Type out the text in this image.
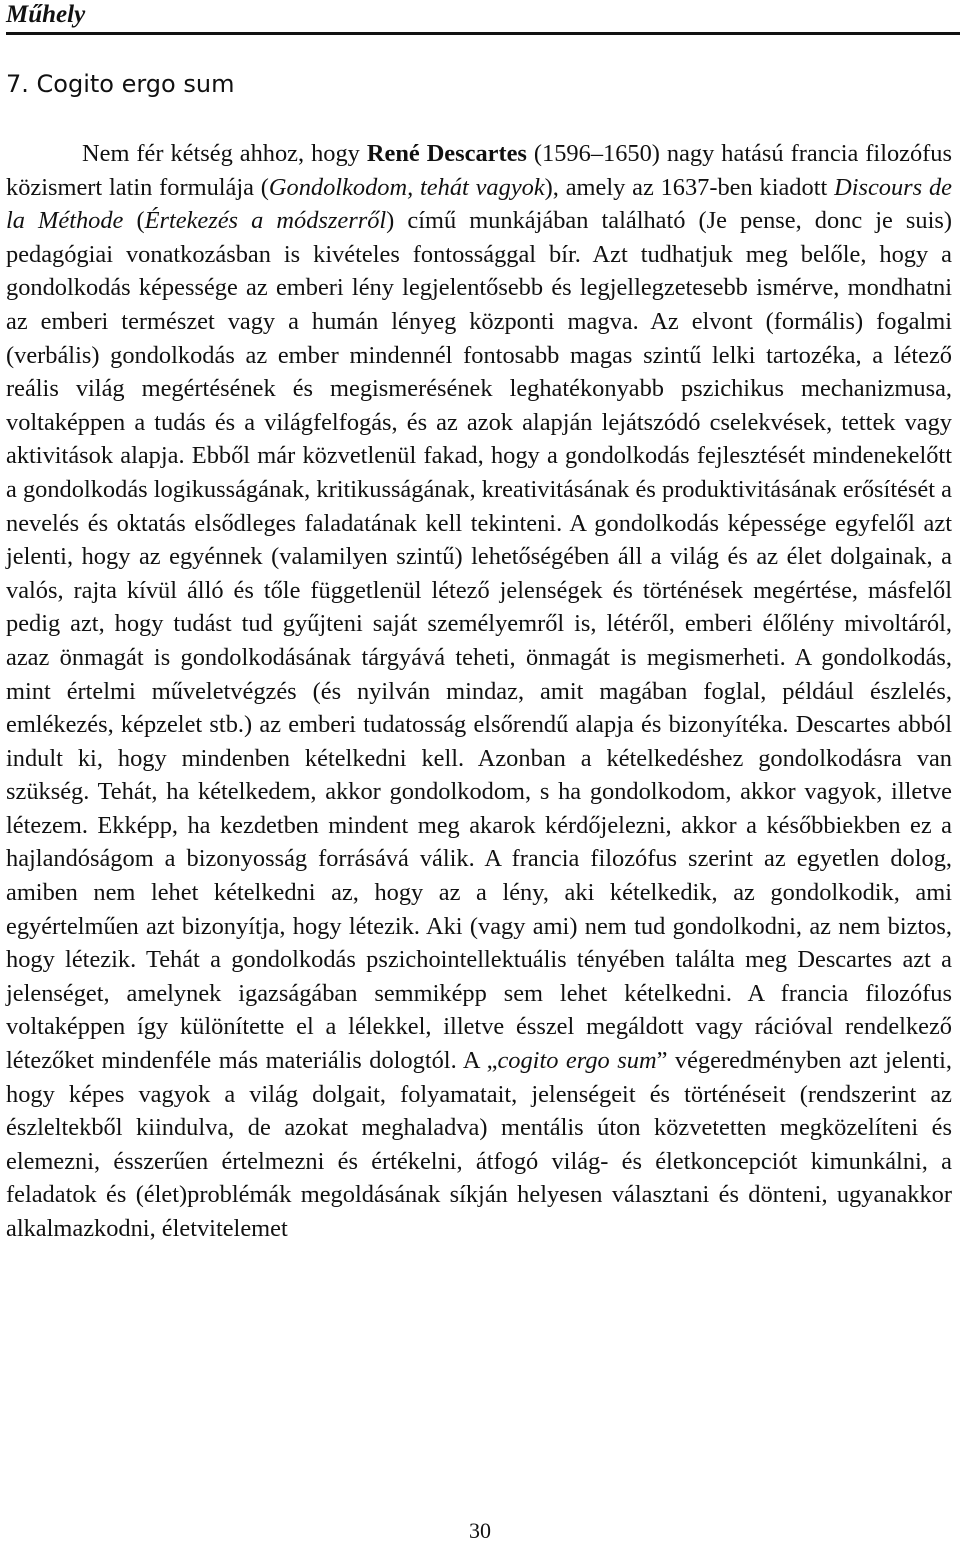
Műhely
7. Cogito ergo sum

Nem fér kétség ahhoz, hogy René Descartes (1596–1650) nagy hatású francia filozófus közismert latin formulája (Gondolkodom, tehát vagyok), amely az 1637-ben kiadott Discours de la Méthode (Értekezés a módszerről) című munkájában található (Je pense, donc je suis) pedagógiai vonatkozásban is kivételes fontossággal bír. Azt tudhatjuk meg belőle, hogy a gondolkodás képessége az emberi lény legjelentősebb és legjellegzetesebb ismérve, mondhatni az emberi természet vagy a humán lényeg központi magva. Az elvont (formális) fogalmi (verbális) gondolkodás az ember mindennél fontosabb magas szintű lelki tartozéka, a létező reális világ megértésének és megismerésének leghatékonyabb pszichikus mechanizmusa, voltaképpen a tudás és a világfelfogás, és az azok alapján lejátszódó cselekvések, tettek vagy aktivitások alapja. Ebből már közvetlenül fakad, hogy a gondolkodás fejlesztését mindenekelőtt a gondolkodás logikusságának, kritikusságának, kreativitásának és produktivitásának erősítését a nevelés és oktatás elsődleges faladatának kell tekinteni. A gondolkodás képessége egyfelől azt jelenti, hogy az egyénnek (valamilyen szintű) lehetőségében áll a világ és az élet dolgainak, a valós, rajta kívül álló és tőle függetlenül létező jelenségek és történések megértése, másfelől pedig azt, hogy tudást tud gyűjteni saját személyemről is, létéről, emberi élőlény mivoltáról, azaz önmagát is gondolkodásának tárgyává teheti, önmagát is megismerheti. A gondolkodás, mint értelmi műveletvégzés (és nyilván mindaz, amit magában foglal, például észlelés, emlékezés, képzelet stb.) az emberi tudatosság elsőrendű alapja és bizonyítéka. Descartes abból indult ki, hogy mindenben kételkedni kell. Azonban a kételkedéshez gondolkodásra van szükség. Tehát, ha kételkedem, akkor gondolkodom, s ha gondolkodom, akkor vagyok, illetve létezem. Ekképp, ha kezdetben mindent meg akarok kérdőjelezni, akkor a későbbiekben ez a hajlandóságom a bizonyosság forrásává válik. A francia filozófus szerint az egyetlen dolog, amiben nem lehet kételkedni az, hogy az a lény, aki kételkedik, az gondolkodik, ami egyértelműen azt bizonyítja, hogy létezik. Aki (vagy ami) nem tud gondolkodni, az nem biztos, hogy létezik. Tehát a gondolkodás pszichointellektuális tényében találta meg Descartes azt a jelenséget, amelynek igazságában semmiképp sem lehet kételkedni. A francia filozófus voltaképpen így különítette el a lélekkel, illetve ésszel megáldott vagy rációval rendelkező létezőket mindenféle más materiális dologtól. A „cogito ergo sum” végeredményben azt jelenti, hogy képes vagyok a világ dolgait, folyamatait, jelenségeit és történéseit (rendszerint az észleltekből kiindulva, de azokat meghaladva) mentális úton közvetetten megközelíteni és elemezni, ésszerűen értelmezni és értékelni, átfogó világ- és életkoncepciót kimunkálni, a feladatok és (élet)problémák megoldásának síkján helyesen választani és dönteni, ugyanakkor alkalmazkodni, életvitelemet

30
